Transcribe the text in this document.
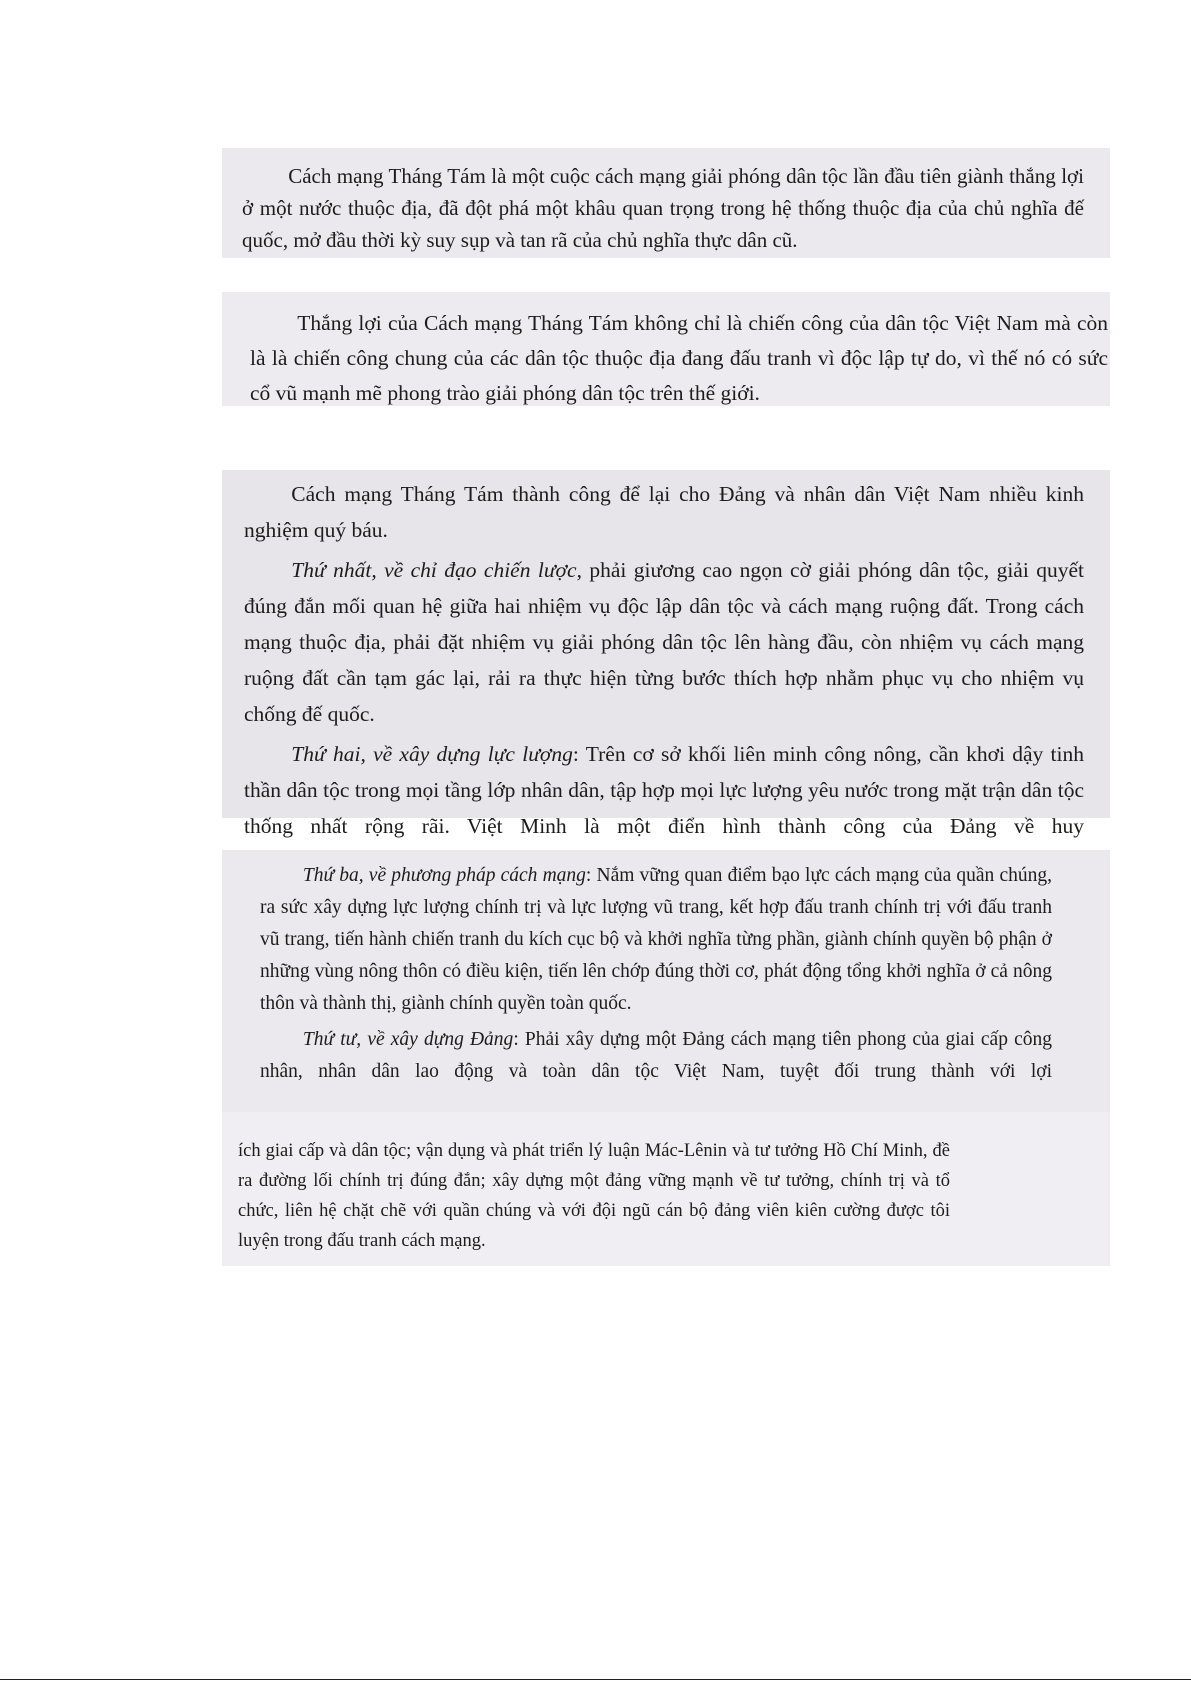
Cách mạng Tháng Tám là một cuộc cách mạng giải phóng dân tộc lần đầu tiên giành thắng lợi ở một nước thuộc địa, đã đột phá một khâu quan trọng trong hệ thống thuộc địa của chủ nghĩa đế quốc, mở đầu thời kỳ suy sụp và tan rã của chủ nghĩa thực dân cũ.

Thắng lợi của Cách mạng Tháng Tám không chỉ là chiến công của dân tộc Việt Nam mà còn là là chiến công chung của các dân tộc thuộc địa đang đấu tranh vì độc lập tự do, vì thế nó có sức cổ vũ mạnh mẽ phong trào giải phóng dân tộc trên thế giới.

Cách mạng Tháng Tám thành công để lại cho Đảng và nhân dân Việt Nam nhiều kinh nghiệm quý báu.

Thứ nhất, về chỉ đạo chiến lược, phải giương cao ngọn cờ giải phóng dân tộc, giải quyết đúng đắn mối quan hệ giữa hai nhiệm vụ độc lập dân tộc và cách mạng ruộng đất. Trong cách mạng thuộc địa, phải đặt nhiệm vụ giải phóng dân tộc lên hàng đầu, còn nhiệm vụ cách mạng ruộng đất cần tạm gác lại, rải ra thực hiện từng bước thích hợp nhằm phục vụ cho nhiệm vụ chống đế quốc.

Thứ hai, về xây dựng lực lượng: Trên cơ sở khối liên minh công nông, cần khơi dậy tinh thần dân tộc trong mọi tầng lớp nhân dân, tập hợp mọi lực lượng yêu nước trong mặt trận dân tộc thống nhất rộng rãi. Việt Minh là một điển hình thành công của Đảng về huy

Thứ ba, về phương pháp cách mạng: Nắm vững quan điểm bạo lực cách mạng của quần chúng, ra sức xây dựng lực lượng chính trị và lực lượng vũ trang, kết hợp đấu tranh chính trị với đấu tranh vũ trang, tiến hành chiến tranh du kích cục bộ và khởi nghĩa từng phần, giành chính quyền bộ phận ở những vùng nông thôn có điều kiện, tiến lên chớp đúng thời cơ, phát động tổng khởi nghĩa ở cả nông thôn và thành thị, giành chính quyền toàn quốc.

Thứ tư, về xây dựng Đảng: Phải xây dựng một Đảng cách mạng tiên phong của giai cấp công nhân, nhân dân lao động và toàn dân tộc Việt Nam, tuyệt đối trung thành với lợi

ích giai cấp và dân tộc; vận dụng và phát triển lý luận Mác-Lênin và tư tưởng Hồ Chí Minh, đề ra đường lối chính trị đúng đắn; xây dựng một đảng vững mạnh về tư tưởng, chính trị và tổ chức, liên hệ chặt chẽ với quần chúng và với đội ngũ cán bộ đảng viên kiên cường được tôi luyện trong đấu tranh cách mạng.
